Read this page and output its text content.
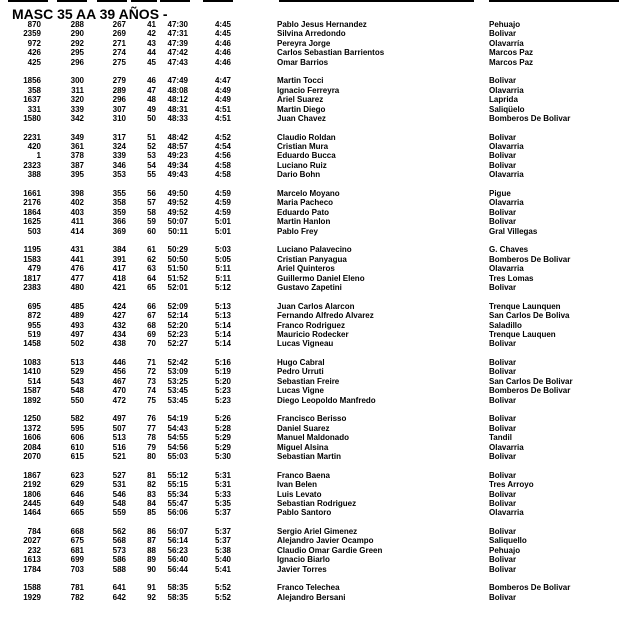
MASC 35 AA 39 AÑOS -
870	288	267	41	47:30	4:45	Pablo Jesus Hernandez	Pehuajo
2359	290	269	42	47:31	4:45	Silvina Arredondo	Bolivar
972	292	271	43	47:39	4:46	Pereyra Jorge	Olavarría
426	295	274	44	47:42	4:46	Carlos Sebastian Barrientos	Marcos Paz
425	296	275	45	47:43	4:46	Omar Barrios	Marcos Paz
1856	300	279	46	47:49	4:47	Martin Tocci	Bolivar
358	311	289	47	48:08	4:49	Ignacio Ferreyra	Olavarria
1637	320	296	48	48:12	4:49	Ariel Suarez	Laprida
331	339	307	49	48:31	4:51	Martin Diego	Saliqüelo
1580	342	310	50	48:33	4:51	Juan Chavez	Bomberos De Bolivar
2231	349	317	51	48:42	4:52	Claudio Roldan	Bolivar
420	361	324	52	48:57	4:54	Cristian Mura	Olavarria
1	378	339	53	49:23	4:56	Eduardo Bucca	Bolivar
2323	387	346	54	49:34	4:58	Luciano Ruiz	Bolivar
388	395	353	55	49:43	4:58	Dario Bohn	Olavarria
1661	398	355	56	49:50	4:59	Marcelo Moyano	Pigue
2176	402	358	57	49:52	4:59	Maria Pacheco	Olavarria
1864	403	359	58	49:52	4:59	Eduardo Pato	Bolivar
1625	411	366	59	50:07	5:01	Martin Hanlon	Bolivar
503	414	369	60	50:11	5:01	Pablo Frey	Gral Villegas
1195	431	384	61	50:29	5:03	Luciano Palavecino	G. Chaves
1583	441	391	62	50:50	5:05	Cristian Panyagua	Bomberos De Bolivar
479	476	417	63	51:50	5:11	Ariel Quinteros	Olavarria
1817	477	418	64	51:52	5:11	Guillermo Daniel Eleno	Tres Lomas
2383	480	421	65	52:01	5:12	Gustavo Zapetini	Bolivar
695	485	424	66	52:09	5:13	Juan Carlos Alarcon	Trenque Launquen
872	489	427	67	52:14	5:13	Fernando Alfredo Alvarez	San Carlos De Boliva
955	493	432	68	52:20	5:14	Franco Rodriguez	Saladillo
519	497	434	69	52:23	5:14	Mauricio Rodecker	Trenque Lauquen
1458	502	438	70	52:27	5:14	Lucas Vigneau	Bolivar
1083	513	446	71	52:42	5:16	Hugo Cabral	Bolivar
1410	529	456	72	53:09	5:19	Pedro Urruti	Bolivar
514	543	467	73	53:25	5:20	Sebastian Freire	San Carlos De Bolivar
1587	548	470	74	53:45	5:23	Lucas Vigne	Bomberos De Bolivar
1892	550	472	75	53:45	5:23	Diego Leopoldo Manfredo	Bolivar
1250	582	497	76	54:19	5:26	Francisco Berisso	Bolivar
1372	595	507	77	54:43	5:28	Daniel Suarez	Bolivar
1606	606	513	78	54:55	5:29	Manuel Maldonado	Tandil
2084	610	516	79	54:56	5:29	Miguel Alsina	Olavarria
2070	615	521	80	55:03	5:30	Sebastian Martin	Bolivar
1867	623	527	81	55:12	5:31	Franco Baena	Bolivar
2192	629	531	82	55:15	5:31	Ivan Belen	Tres Arroyo
1806	646	546	83	55:34	5:33	Luis Levato	Bolivar
2445	649	548	84	55:47	5:35	Sebastian Rodriguez	Bolivar
1464	665	559	85	56:06	5:37	Pablo Santoro	Olavarria
784	668	562	86	56:07	5:37	Sergio Ariel Gimenez	Bolivar
2027	675	568	87	56:14	5:37	Alejandro Javier Ocampo	Saliquello
232	681	573	88	56:23	5:38	Claudio Omar Gardie Green	Pehuajo
1613	699	586	89	56:40	5:40	Ignacio Biarlo	Bolivar
1784	703	588	90	56:44	5:41	Javier Torres	Bolivar
1588	781	641	91	58:35	5:52	Franco Telechea	Bomberos De Bolivar
1929	782	642	92	58:35	5:52	Alejandro Bersani	Bolivar
